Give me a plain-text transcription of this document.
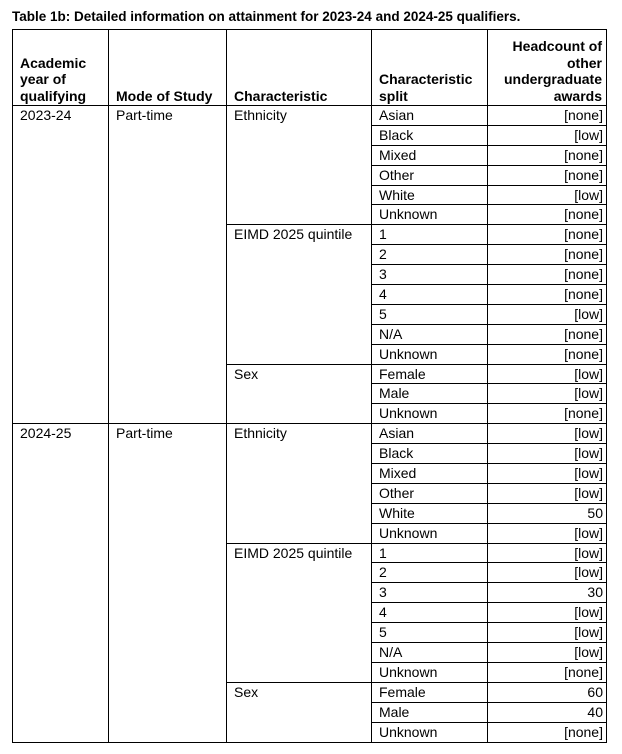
Table 1b: Detailed information on attainment for 2023-24 and 2024-25 qualifiers.
Academic year of qualifying	Mode of Study	Characteristic	Characteristic split	Headcount of other undergraduate awards
2023-24	Part-time	Ethnicity	Asian	[none]
			Black	[low]
			Mixed	[none]
			Other	[none]
			White	[low]
			Unknown	[none]
		EIMD 2025 quintile	1	[none]
			2	[none]
			3	[none]
			4	[none]
			5	[low]
			N/A	[none]
			Unknown	[none]
		Sex	Female	[low]
			Male	[low]
			Unknown	[none]
2024-25	Part-time	Ethnicity	Asian	[low]
			Black	[low]
			Mixed	[low]
			Other	[low]
			White	50
			Unknown	[low]
		EIMD 2025 quintile	1	[low]
			2	[low]
			3	30
			4	[low]
			5	[low]
			N/A	[low]
			Unknown	[none]
		Sex	Female	60
			Male	40
			Unknown	[none]
